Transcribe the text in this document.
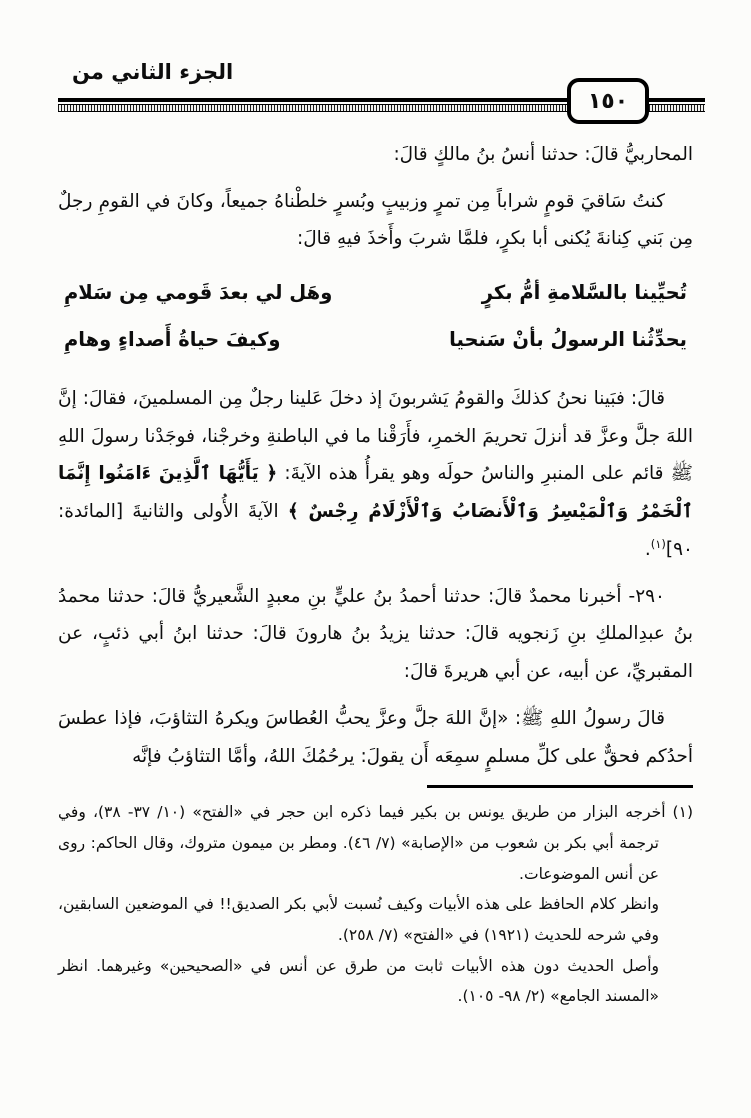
الجزء الثاني من
١٥٠

المحاربيُّ قالَ: حدثنا أنسُ بنُ مالكٍ قالَ:

كنتُ سَاقيَ قومٍ شراباً مِن تمرٍ وزبيبٍ وبُسرٍ خلطْناهُ جميعاً، وكانَ في القومِ رجلٌ مِن بَني كِنانةَ يُكنى أبا بكرٍ، فلمَّا شربَ وأَخذَ فيهِ قالَ:

تُحيِّينا بالسَّلامةِ أمُّ بكرٍ
وهَل لي بعدَ قَومي مِن سَلامِ
يحدِّثُنا الرسولُ بأنْ سَنحيا
وكيفَ حياةُ أَصداءٍ وهامِ

قالَ: فبَينا نحنُ كذلكَ والقومُ يَشربونَ إذ دخلَ عَلينا رجلٌ مِن المسلمينَ، فقالَ: إنَّ اللهَ جلَّ وعزَّ قد أنزلَ تحريمَ الخمرِ، فأَرَقْنا ما في الباطنةِ وخرجْنا، فوجَدْنا رسولَ اللهِ ﷺ قائم على المنبرِ والناسُ حولَه وهو يقرأُ هذه الآيةَ: ﴿ يَأَيُّهَا ٱلَّذِينَ ءَامَنُوا إِنَّمَا ٱلْخَمْرُ وَٱلْمَيْسِرُ وَٱلْأَنصَابُ وَٱلْأَزْلَامُ رِجْسٌ ﴾ الآيةَ الأُولى والثانيةَ [المائدة: ٩٠]$^{(١)}$.

٢٩٠- أخبرنا محمدٌ قالَ: حدثنا أحمدُ بنُ عليٍّ بنِ معبدٍ الشَّعيريُّ قالَ: حدثنا محمدُ بنُ عبدِالملكِ بنِ زَنجويه قالَ: حدثنا يزيدُ بنُ هارونَ قالَ: حدثنا ابنُ أبي ذئبٍ، عن المقبريِّ، عن أبيه، عن أبي هريرةَ قالَ:

قالَ رسولُ اللهِ ﷺ: «إنَّ اللهَ جلَّ وعزَّ يحبُّ العُطاسَ ويكرهُ التثاؤبَ، فإذا عطسَ أحدُكم فحقٌّ على كلِّ مسلمٍ سمِعَه أَن يقولَ: يرحُمُكَ اللهُ، وأمَّا التثاؤبُ فإنَّه

(١)أخرجه البزار من طريق يونس بن بكير فيما ذكره ابن حجر في «الفتح» (١٠/ ٣٧- ٣٨)، وفي ترجمة أبي بكر بن شعوب من «الإصابة» (٧/ ٤٦). ومطر بن ميمون متروك، وقال الحاكم: روى عن أنس الموضوعات.

وانظر كلام الحافظ على هذه الأبيات وكيف نُسبت لأبي بكر الصديق!! في الموضعين السابقين، وفي شرحه للحديث (١٩٢١) في «الفتح» (٧/ ٢٥٨).

وأصل الحديث دون هذه الأبيات ثابت من طرق عن أنس في «الصحيحين» وغيرهما. انظر «المسند الجامع» (٢/ ٩٨- ١٠٥).
